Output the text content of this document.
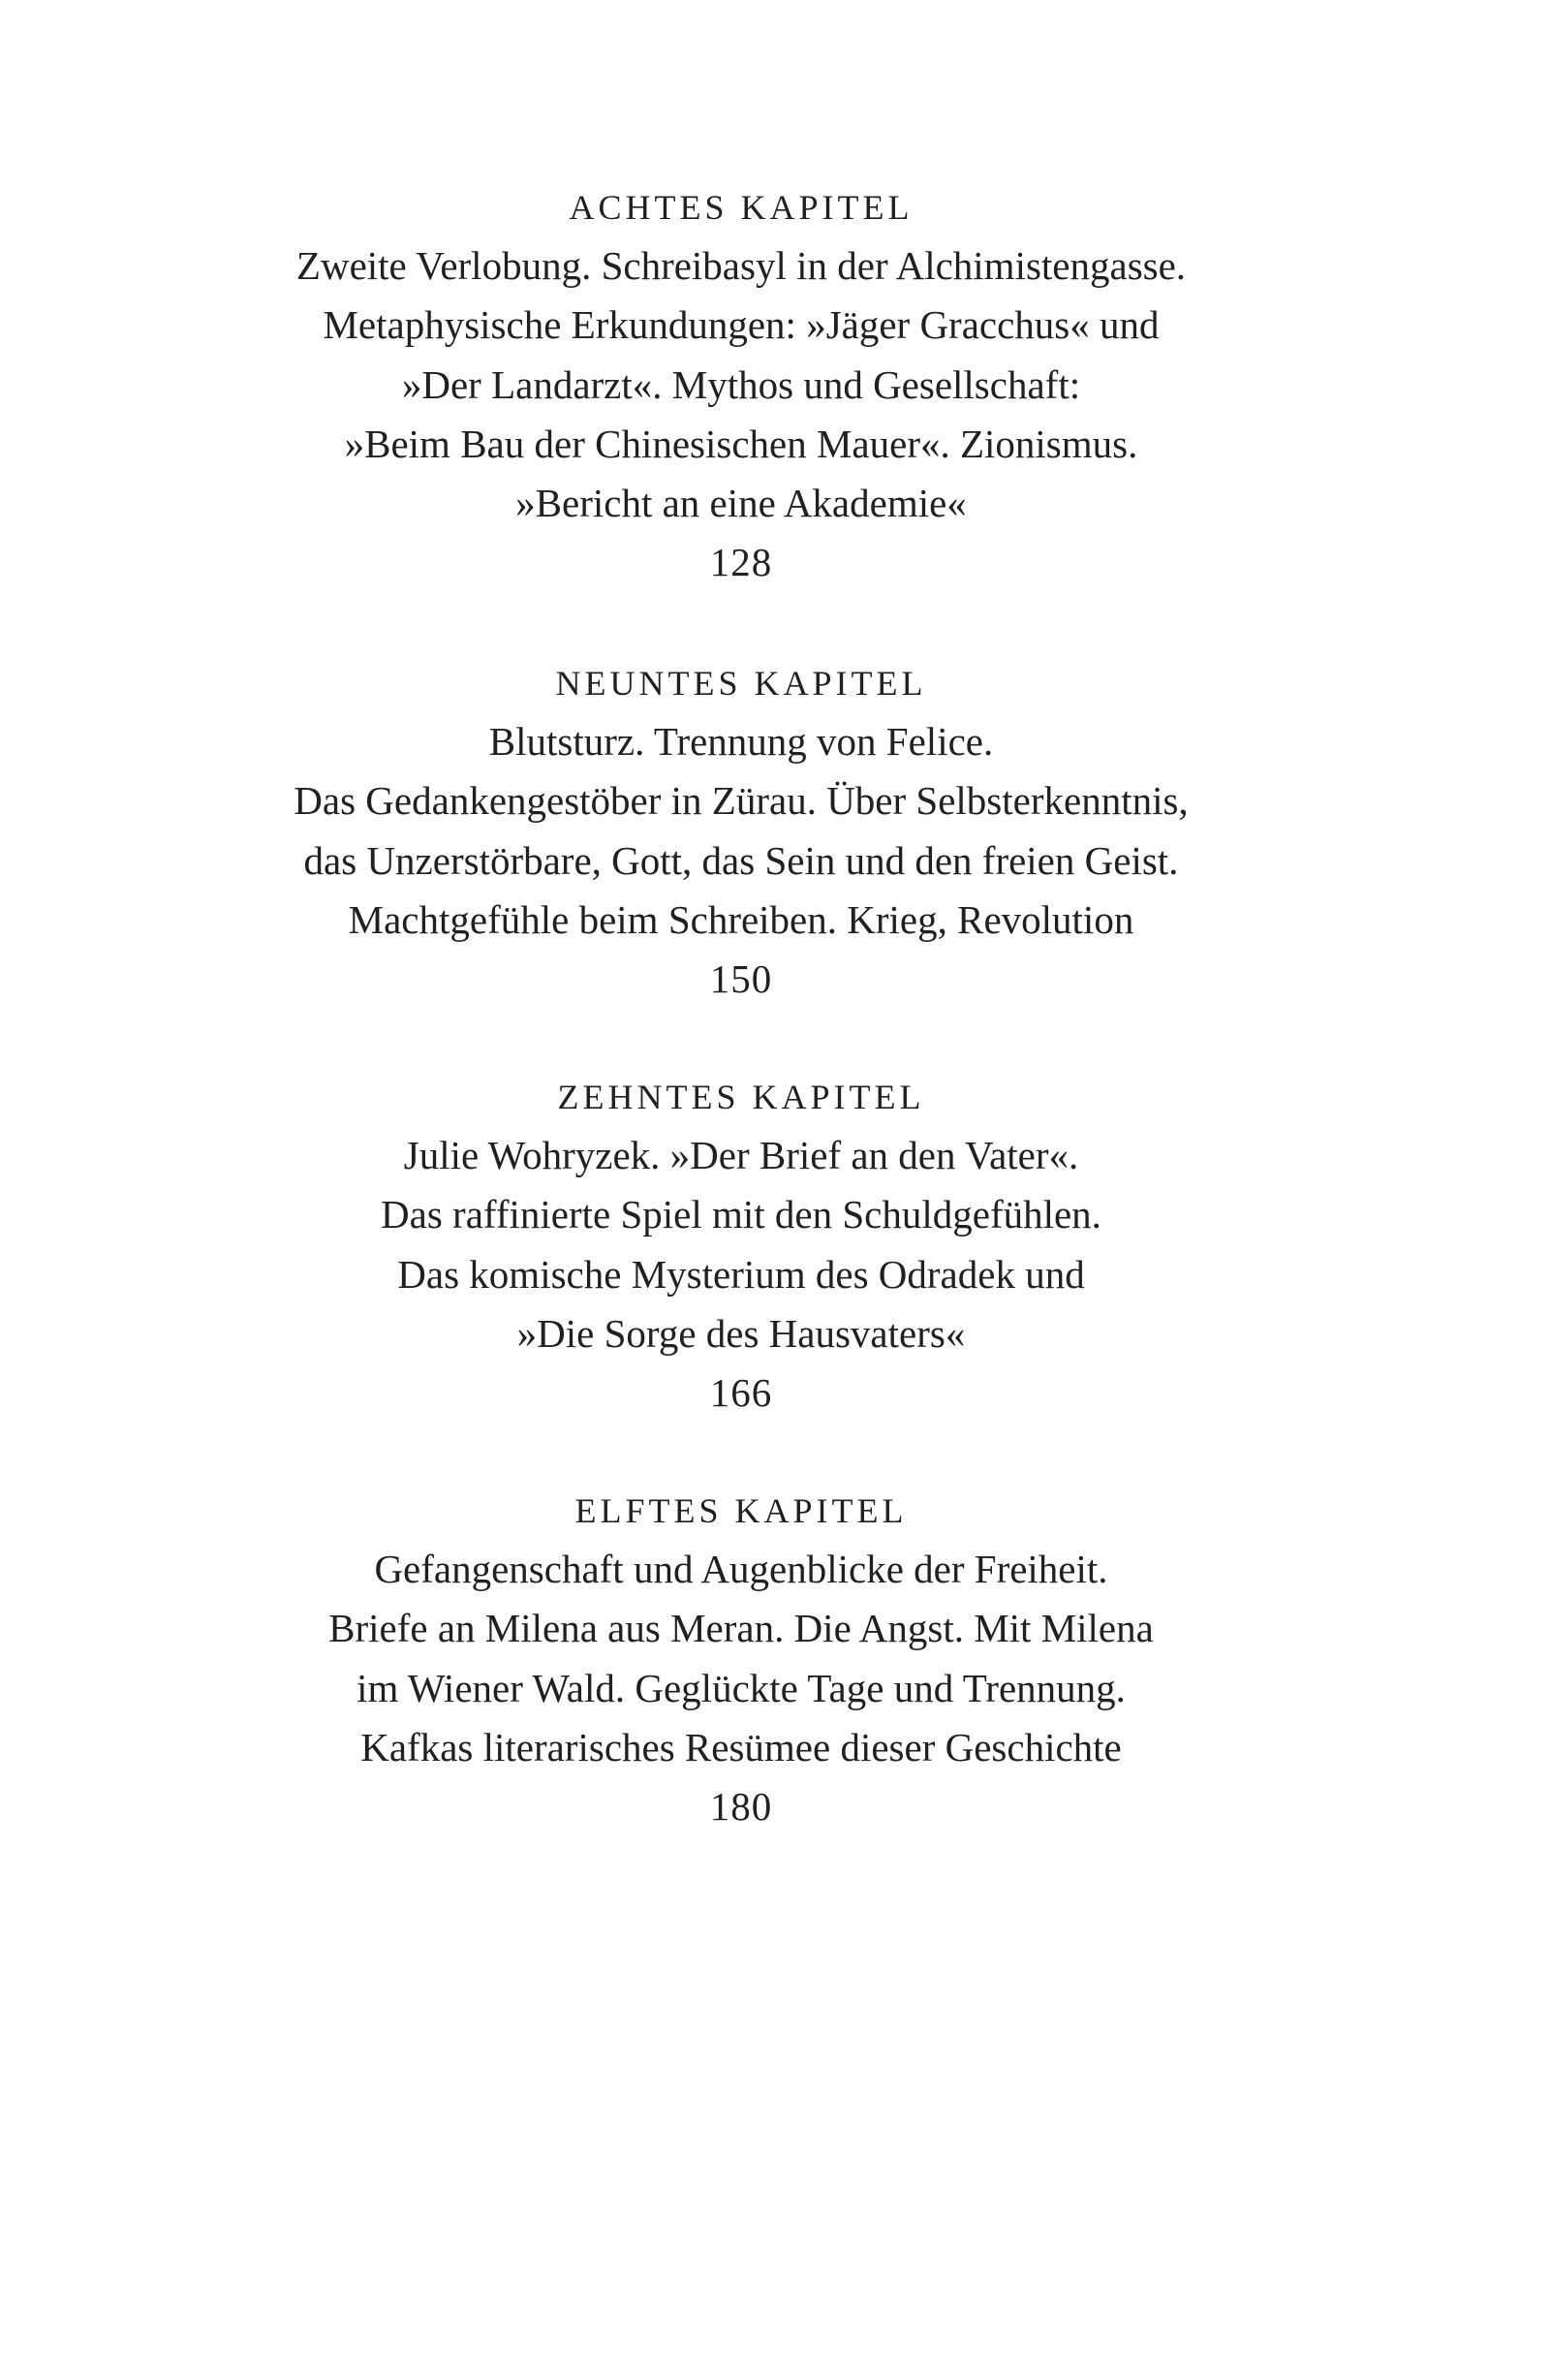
ACHTES KAPITEL
Zweite Verlobung. Schreibasyl in der Alchimistengasse.
Metaphysische Erkundungen: »Jäger Gracchus« und
»Der Landarzt«. Mythos und Gesellschaft:
»Beim Bau der Chinesischen Mauer«. Zionismus.
»Bericht an eine Akademie«
128
NEUNTES KAPITEL
Blutsturz. Trennung von Felice.
Das Gedankengestöber in Zürau. Über Selbsterkenntnis,
das Unzerstörbare, Gott, das Sein und den freien Geist.
Machtgefühle beim Schreiben. Krieg, Revolution
150
ZEHNTES KAPITEL
Julie Wohryzek. »Der Brief an den Vater«.
Das raffinierte Spiel mit den Schuldgefühlen.
Das komische Mysterium des Odradek und
»Die Sorge des Hausvaters«
166
ELFTES KAPITEL
Gefangenschaft und Augenblicke der Freiheit.
Briefe an Milena aus Meran. Die Angst. Mit Milena
im Wiener Wald. Geglückte Tage und Trennung.
Kafkas literarisches Resümee dieser Geschichte
180
